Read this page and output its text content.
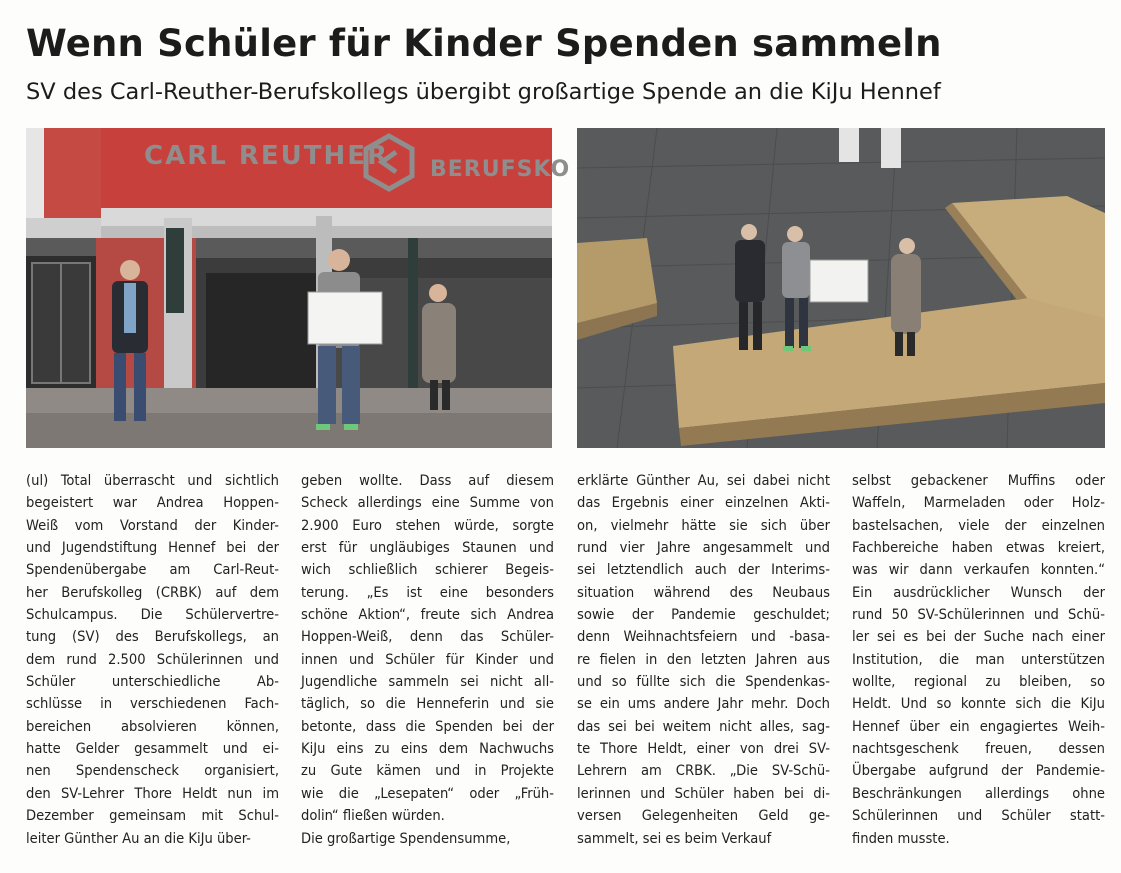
Wenn Schüler für Kinder Spenden sammeln
SV des Carl-Reuther-Berufskollegs übergibt großartige Spende an die KiJu Hennef
CARL REUTHER BERUFSKO
(ul) Total überrascht und sichtlich
begeistert war Andrea Hoppen-
Weiß vom Vorstand der Kinder-
und Jugendstiftung Hennef bei der
Spendenübergabe am Carl-Reut-
her Berufskolleg (CRBK) auf dem
Schulcampus. Die Schülervertre-
tung (SV) des Berufskollegs, an
dem rund 2.500 Schülerinnen und
Schüler unterschiedliche Ab-
schlüsse in verschiedenen Fach-
bereichen absolvieren können,
hatte Gelder gesammelt und ei-
nen Spendenscheck organisiert,
den SV-Lehrer Thore Heldt nun im
Dezember gemeinsam mit Schul-
leiter Günther Au an die KiJu über-
geben wollte. Dass auf diesem
Scheck allerdings eine Summe von
2.900 Euro stehen würde, sorgte
erst für ungläubiges Staunen und
wich schließlich schierer Begeis-
terung. „Es ist eine besonders
schöne Aktion“, freute sich Andrea
Hoppen-Weiß, denn das Schüler-
innen und Schüler für Kinder und
Jugendliche sammeln sei nicht all-
täglich, so die Henneferin und sie
betonte, dass die Spenden bei der
KiJu eins zu eins dem Nachwuchs
zu Gute kämen und in Projekte
wie die „Lesepaten“ oder „Früh-
dolin“ fließen würden.
Die großartige Spendensumme,
erklärte Günther Au, sei dabei nicht
das Ergebnis einer einzelnen Akti-
on, vielmehr hätte sie sich über
rund vier Jahre angesammelt und
sei letztendlich auch der Interims-
situation während des Neubaus
sowie der Pandemie geschuldet;
denn Weihnachtsfeiern und -basa-
re fielen in den letzten Jahren aus
und so füllte sich die Spendenkas-
se ein ums andere Jahr mehr. Doch
das sei bei weitem nicht alles, sag-
te Thore Heldt, einer von drei SV-
Lehrern am CRBK. „Die SV-Schü-
lerinnen und Schüler haben bei di-
versen Gelegenheiten Geld ge-
sammelt, sei es beim Verkauf
selbst gebackener Muffins oder
Waffeln, Marmeladen oder Holz-
bastelsachen, viele der einzelnen
Fachbereiche haben etwas kreiert,
was wir dann verkaufen konnten.“
Ein ausdrücklicher Wunsch der
rund 50 SV-Schülerinnen und Schü-
ler sei es bei der Suche nach einer
Institution, die man unterstützen
wollte, regional zu bleiben, so
Heldt. Und so konnte sich die KiJu
Hennef über ein engagiertes Weih-
nachtsgeschenk freuen, dessen
Übergabe aufgrund der Pandemie-
Beschränkungen allerdings ohne
Schülerinnen und Schüler statt-
finden musste.
